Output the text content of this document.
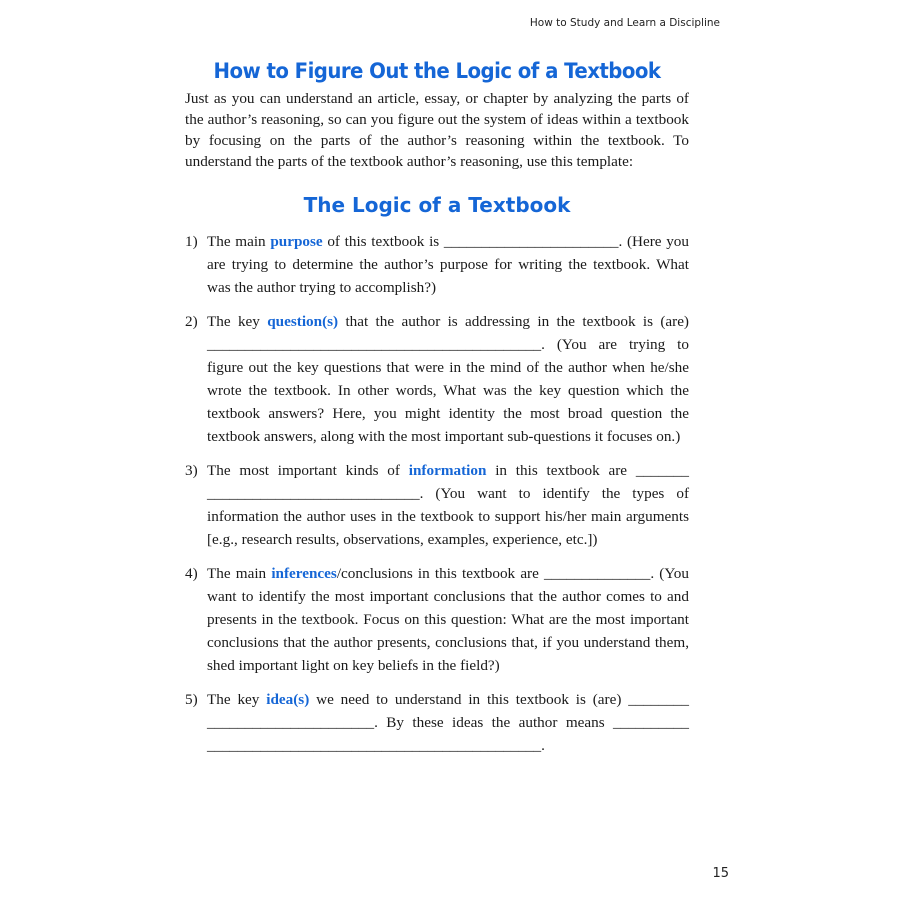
How to Study and Learn a Discipline
How to Figure Out the Logic of a Textbook

Just as you can understand an article, essay, or chapter by analyzing the parts of the author’s reasoning, so can you figure out the system of ideas within a textbook by focusing on the parts of the author’s reasoning within the textbook. To understand the parts of the textbook author’s reasoning, use this template:

The Logic of a Textbook
1) The main purpose of this textbook is _______________________. (Here you are trying to determine the author’s purpose for writing the textbook. What was the author trying to accomplish?)
2) The key question(s) that the author is addressing in the textbook is (are) ____________________________________________. (You are trying to figure out the key questions that were in the mind of the author when he/she wrote the textbook. In other words, What was the key question which the textbook answers? Here, you might identity the most broad question the textbook answers, along with the most important sub-questions it focuses on.)
3) The most important kinds of information in this textbook are _______ ____________________________. (You want to identify the types of information the author uses in the textbook to support his/her main arguments [e.g., research results, observations, examples, experience, etc.])
4) The main inferences/conclusions in this textbook are ______________. (You want to identify the most important conclusions that the author comes to and presents in the textbook. Focus on this question: What are the most important conclusions that the author presents, conclusions that, if you understand them, shed important light on key beliefs in the field?)
5) The key idea(s) we need to understand in this textbook is (are) ________ ______________________. By these ideas the author means __________ ____________________________________________.
15
